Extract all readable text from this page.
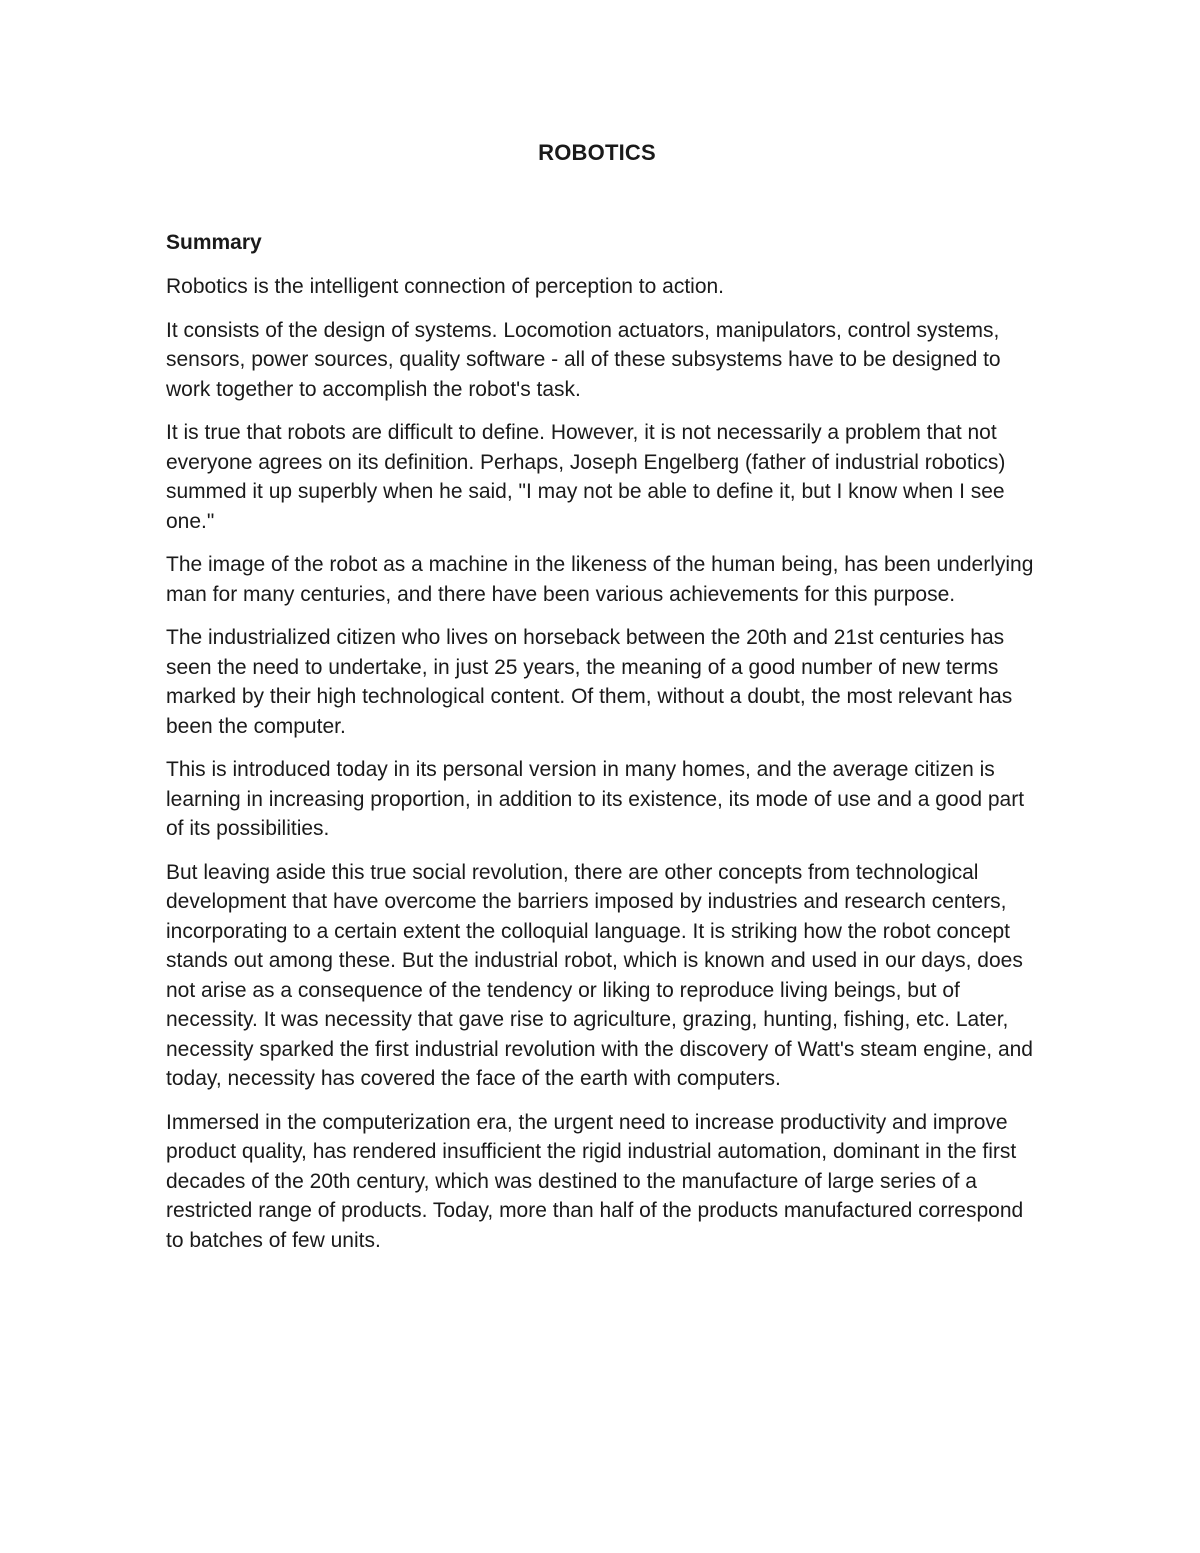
ROBOTICS
Summary

Robotics is the intelligent connection of perception to action.

It consists of the design of systems. Locomotion actuators, manipulators, control systems, sensors, power sources, quality software - all of these subsystems have to be designed to work together to accomplish the robot's task.

It is true that robots are difficult to define. However, it is not necessarily a problem that not everyone agrees on its definition. Perhaps, Joseph Engelberg (father of industrial robotics) summed it up superbly when he said, "I may not be able to define it, but I know when I see one."

The image of the robot as a machine in the likeness of the human being, has been underlying man for many centuries, and there have been various achievements for this purpose.

The industrialized citizen who lives on horseback between the 20th and 21st centuries has seen the need to undertake, in just 25 years, the meaning of a good number of new terms marked by their high technological content. Of them, without a doubt, the most relevant has been the computer.

This is introduced today in its personal version in many homes, and the average citizen is learning in increasing proportion, in addition to its existence, its mode of use and a good part of its possibilities.

But leaving aside this true social revolution, there are other concepts from technological development that have overcome the barriers imposed by industries and research centers, incorporating to a certain extent the colloquial language. It is striking how the robot concept stands out among these. But the industrial robot, which is known and used in our days, does not arise as a consequence of the tendency or liking to reproduce living beings, but of necessity. It was necessity that gave rise to agriculture, grazing, hunting, fishing, etc. Later, necessity sparked the first industrial revolution with the discovery of Watt's steam engine, and today, necessity has covered the face of the earth with computers.

Immersed in the computerization era, the urgent need to increase productivity and improve product quality, has rendered insufficient the rigid industrial automation, dominant in the first decades of the 20th century, which was destined to the manufacture of large series of a restricted range of products. Today, more than half of the products manufactured correspond to batches of few units.
